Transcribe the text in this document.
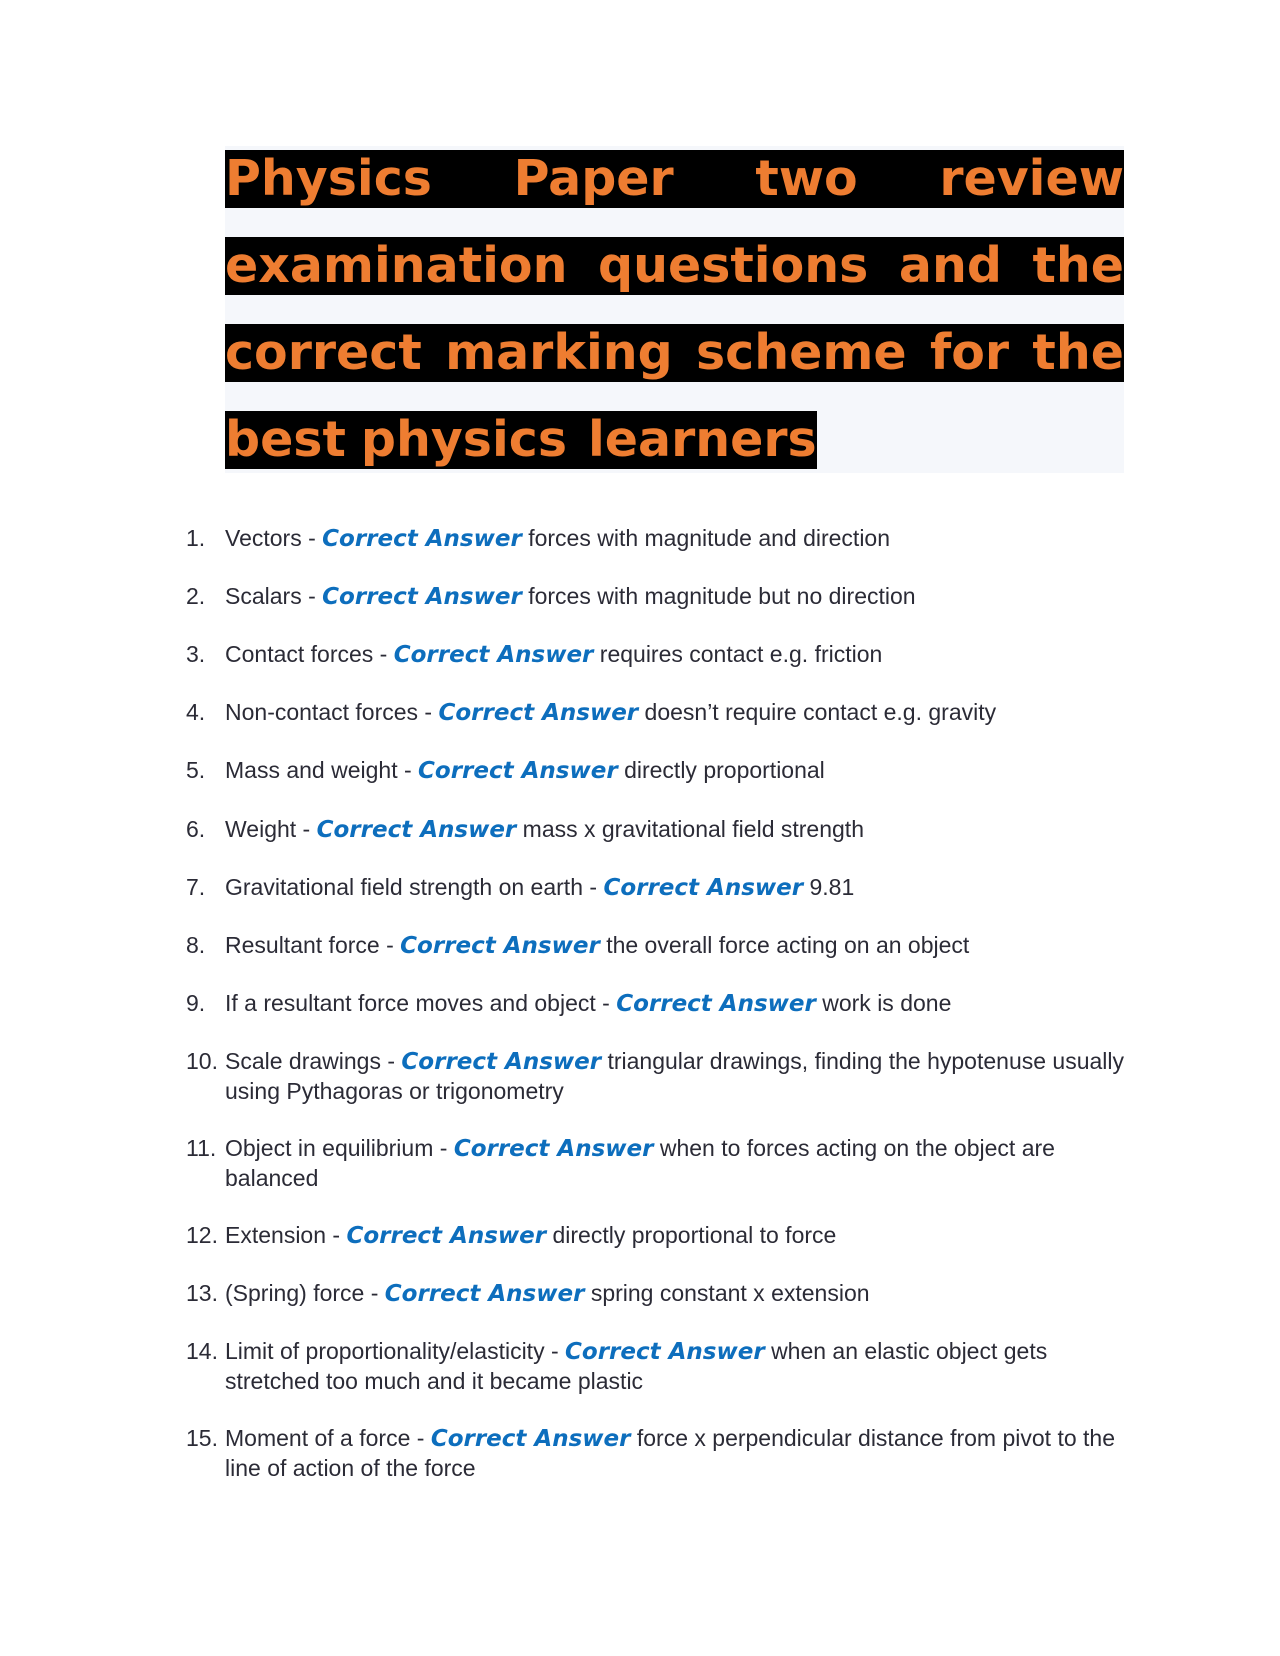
Physics Paper two review
examination questions and the
correct marking scheme for the
best physics learners
1. Vectors - Correct Answer forces with magnitude and direction
2. Scalars - Correct Answer forces with magnitude but no direction
3. Contact forces - Correct Answer requires contact e.g. friction
4. Non-contact forces - Correct Answer doesn’t require contact e.g. gravity
5. Mass and weight - Correct Answer directly proportional
6. Weight - Correct Answer mass x gravitational field strength
7. Gravitational field strength on earth - Correct Answer 9.81
8. Resultant force - Correct Answer the overall force acting on an object
9. If a resultant force moves and object - Correct Answer work is done
10. Scale drawings - Correct Answer triangular drawings, finding the hypotenuse usually using Pythagoras or trigonometry
11. Object in equilibrium - Correct Answer when to forces acting on the object are balanced
12. Extension - Correct Answer directly proportional to force
13. (Spring) force - Correct Answer spring constant x extension
14. Limit of proportionality/elasticity - Correct Answer when an elastic object gets stretched too much and it became plastic
15. Moment of a force - Correct Answer force x perpendicular distance from pivot to the line of action of the force
